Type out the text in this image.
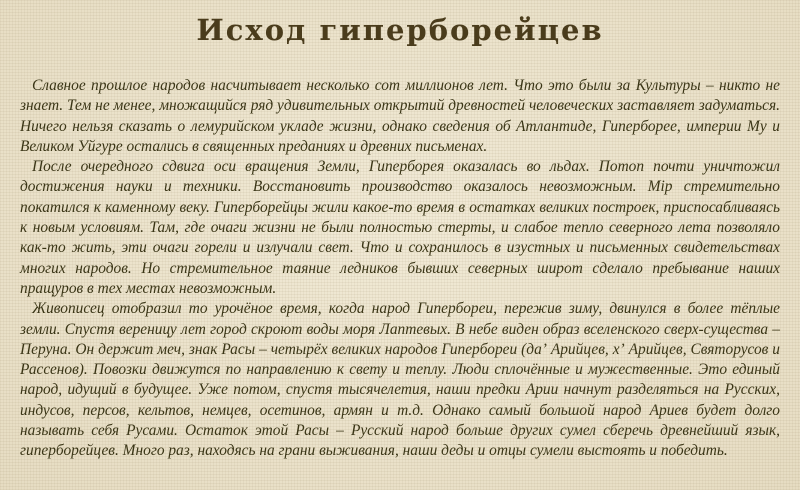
Исход гиперборейцев

Славное прошлое народов насчитывает несколько сот миллионов лет. Что это были за Культуры – никто не знает. Тем не менее, множащийся ряд удивительных открытий древностей человеческих заставляет задуматься. Ничего нельзя сказать о лемурийском укладе жизни, однако сведения об Атлантиде, Гиперборее, империи Му и Великом Уйгуре остались в священных преданиях и древних письменах.

После очередного сдвига оси вращения Земли, Гиперборея оказалась во льдах. Потоп почти уничтожил достижения науки и техники. Восстановить производство оказалось невозможным. Мiр стремительно покатился к каменному веку. Гиперборейцы жили какое-то время в остатках великих построек, приспосабливаясь к новым условиям. Там, где очаги жизни не были полностью стерты, и слабое тепло северного лета позволяло как-то жить, эти очаги горели и излучали свет. Что и сохранилось в изустных и письменных свидетельствах многих народов. Но стремительное таяние ледников бывших северных широт сделало пребывание наших пращуров в тех местах невозможным.

Живописец отобразил то урочёное время, когда народ Гипербореи, пережив зиму, двинулся в более тёплые земли. Спустя вереницу лет город скроют воды моря Лаптевых. В небе виден образ вселенского сверх-существа – Перуна. Он держит меч, знак Расы – четырёх великих народов Гипербореи (даʼ Арийцев, хʼ Арийцев, Святорусов и Рассенов). Повозки движутся по направлению к свету и теплу. Люди сплочённые и мужественные. Это единый народ, идущий в будущее. Уже потом, спустя тысячелетия, наши предки Арии начнут разделяться на Русских, индусов, персов, кельтов, немцев, осетинов, армян и т.д. Однако самый большой народ Ариев будет долго называть себя Русами. Остаток этой Расы – Русский народ больше других сумел сберечь древнейший язык, гиперборейцев. Много раз, находясь на грани выживания, наши деды и отцы сумели выстоять и победить.
